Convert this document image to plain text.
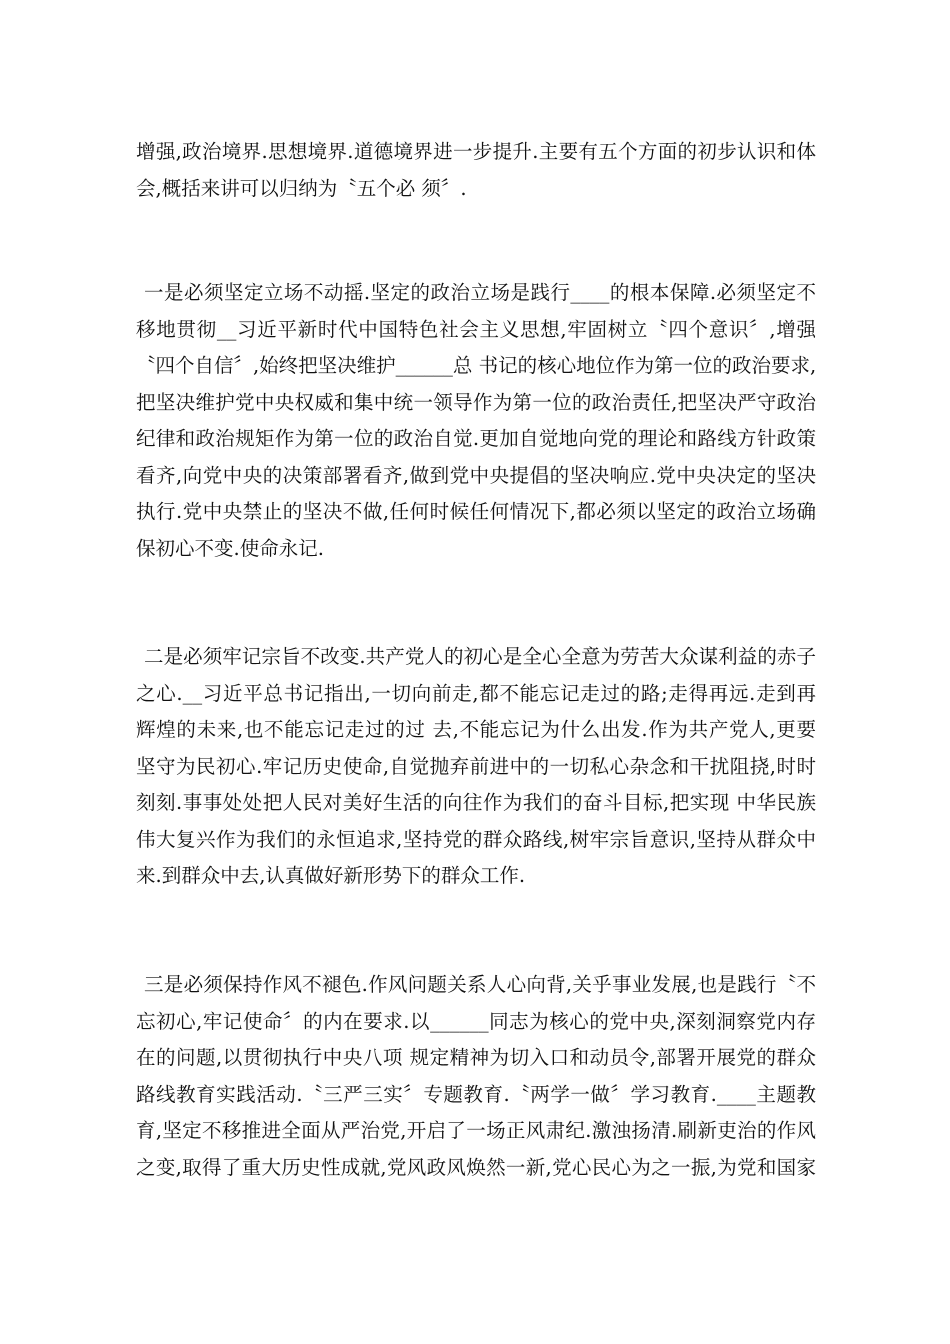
增强,政治境界.思想境界.道德境界进一步提升.主要有五个方面的初步认识和体
会,概括来讲可以归纳为〝五个必 须〞.
一是必须坚定立场不动摇.坚定的政治立场是践行____的根本保障.必须坚定不
移地贯彻__习近平新时代中国特色社会主义思想,牢固树立〝四个意识〞,增强
〝四个自信〞,始终把坚决维护______总 书记的核心地位作为第一位的政治要求,
把坚决维护党中央权威和集中统一领导作为第一位的政治责任,把坚决严守政治
纪律和政治规矩作为第一位的政治自觉.更加自觉地向党的理论和路线方针政策
看齐,向党中央的决策部署看齐,做到党中央提倡的坚决响应.党中央决定的坚决
执行.党中央禁止的坚决不做,任何时候任何情况下,都必须以坚定的政治立场确
保初心不变.使命永记.
二是必须牢记宗旨不改变.共产党人的初心是全心全意为劳苦大众谋利益的赤子
之心.__习近平总书记指出,一切向前走,都不能忘记走过的路;走得再远.走到再
辉煌的未来,也不能忘记走过的过 去,不能忘记为什么出发.作为共产党人,更要
坚守为民初心.牢记历史使命,自觉抛弃前进中的一切私心杂念和干扰阻挠,时时
刻刻.事事处处把人民对美好生活的向往作为我们的奋斗目标,把实现 中华民族
伟大复兴作为我们的永恒追求,坚持党的群众路线,树牢宗旨意识,坚持从群众中
来.到群众中去,认真做好新形势下的群众工作.
三是必须保持作风不褪色.作风问题关系人心向背,关乎事业发展,也是践行〝不
忘初心,牢记使命〞的内在要求.以______同志为核心的党中央,深刻洞察党内存
在的问题,以贯彻执行中央八项 规定精神为切入口和动员令,部署开展党的群众
路线教育实践活动.〝三严三实〞专题教育.〝两学一做〞学习教育.____主题教
育,坚定不移推进全面从严治党,开启了一场正风肃纪.激浊扬清.刷新吏治的作风
之变,取得了重大历史性成就,党风政风焕然一新,党心民心为之一振,为党和国家
